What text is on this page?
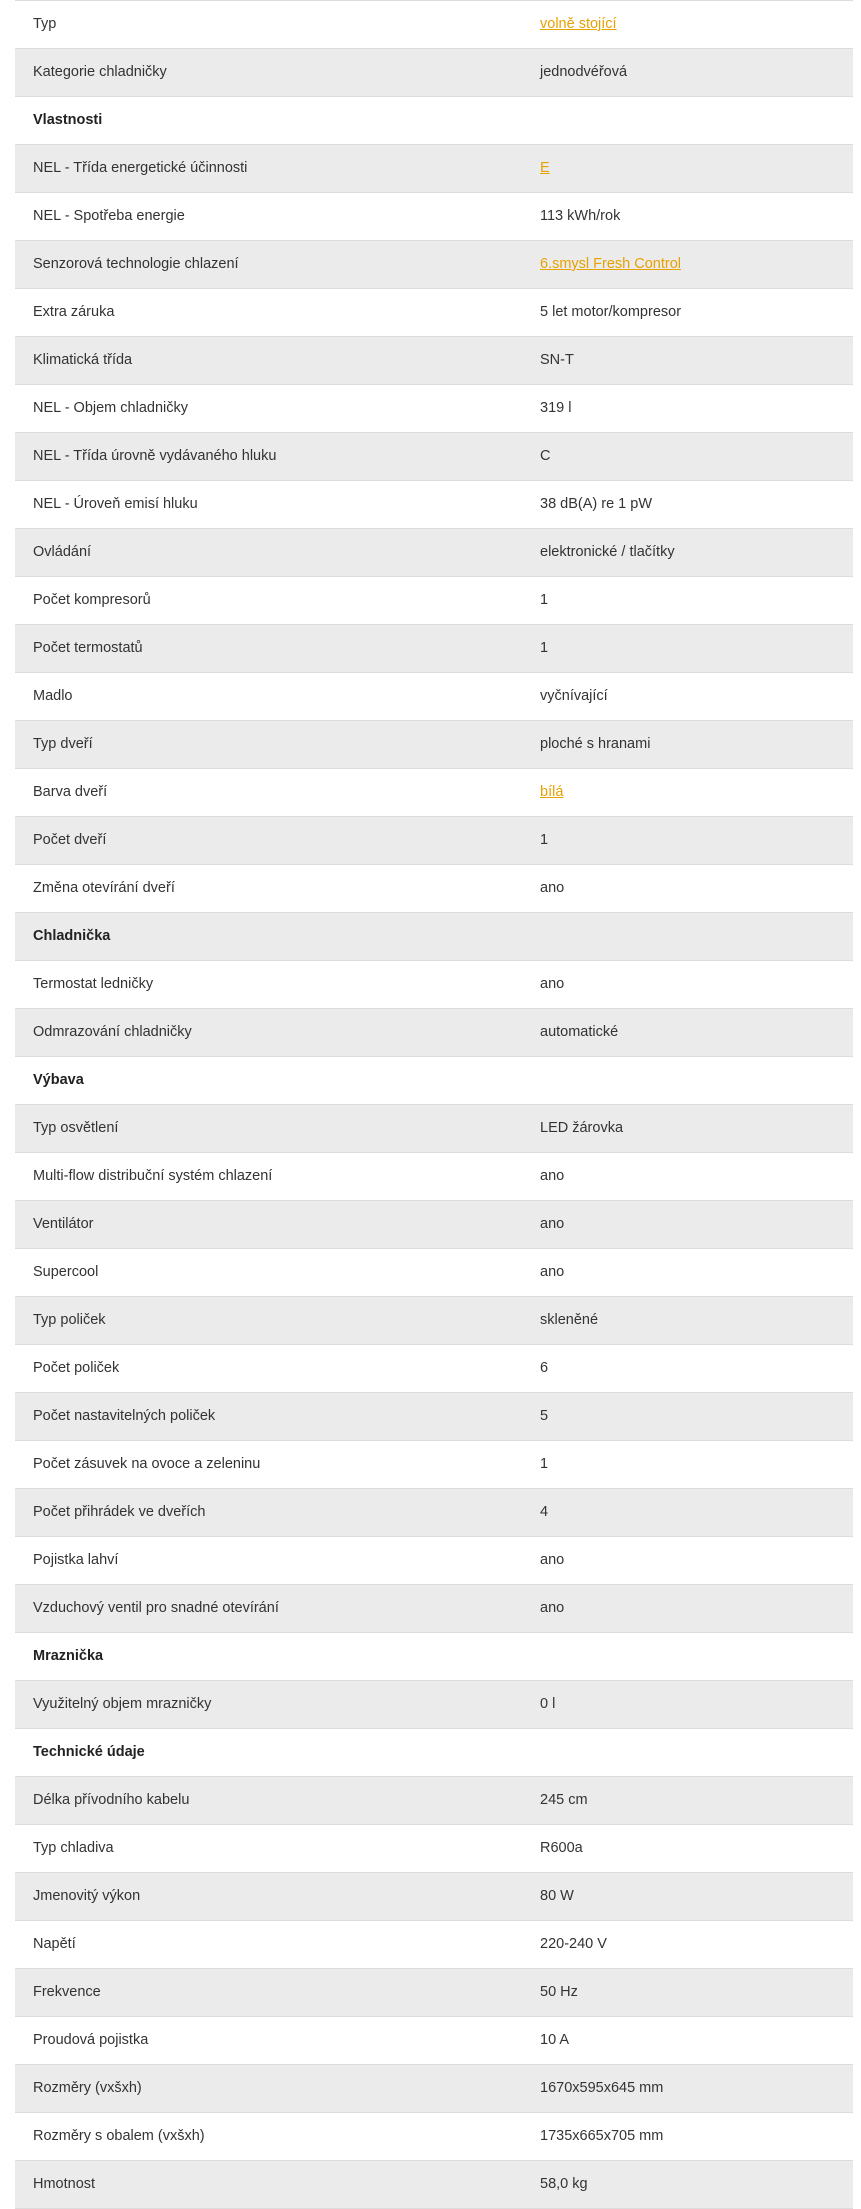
Typ	volně stojící
Kategorie chladničky	jednodvéřová
Vlastnosti	
NEL - Třída energetické účinnosti	E
NEL - Spotřeba energie	113 kWh/rok
Senzorová technologie chlazení	6.smysl Fresh Control
Extra záruka	5 let motor/kompresor
Klimatická třída	SN-T
NEL - Objem chladničky	319 l
NEL - Třída úrovně vydávaného hluku	C
NEL - Úroveň emisí hluku	38 dB(A) re 1 pW
Ovládání	elektronické / tlačítky
Počet kompresorů	1
Počet termostatů	1
Madlo	vyčnívající
Typ dveří	ploché s hranami
Barva dveří	bílá
Počet dveří	1
Změna otevírání dveří	ano
Chladnička	
Termostat ledničky	ano
Odmrazování chladničky	automatické
Výbava	
Typ osvětlení	LED žárovka
Multi-flow distribuční systém chlazení	ano
Ventilátor	ano
Supercool	ano
Typ poliček	skleněné
Počet poliček	6
Počet nastavitelných poliček	5
Počet zásuvek na ovoce a zeleninu	1
Počet přihrádek ve dveřích	4
Pojistka lahví	ano
Vzduchový ventil pro snadné otevírání	ano
Mraznička	
Využitelný objem mrazničky	0 l
Technické údaje	
Délka přívodního kabelu	245 cm
Typ chladiva	R600a
Jmenovitý výkon	80 W
Napětí	220-240 V
Frekvence	50 Hz
Proudová pojistka	10 A
Rozměry (vxšxh)	1670x595x645 mm
Rozměry s obalem (vxšxh)	1735x665x705 mm
Hmotnost	58,0 kg
